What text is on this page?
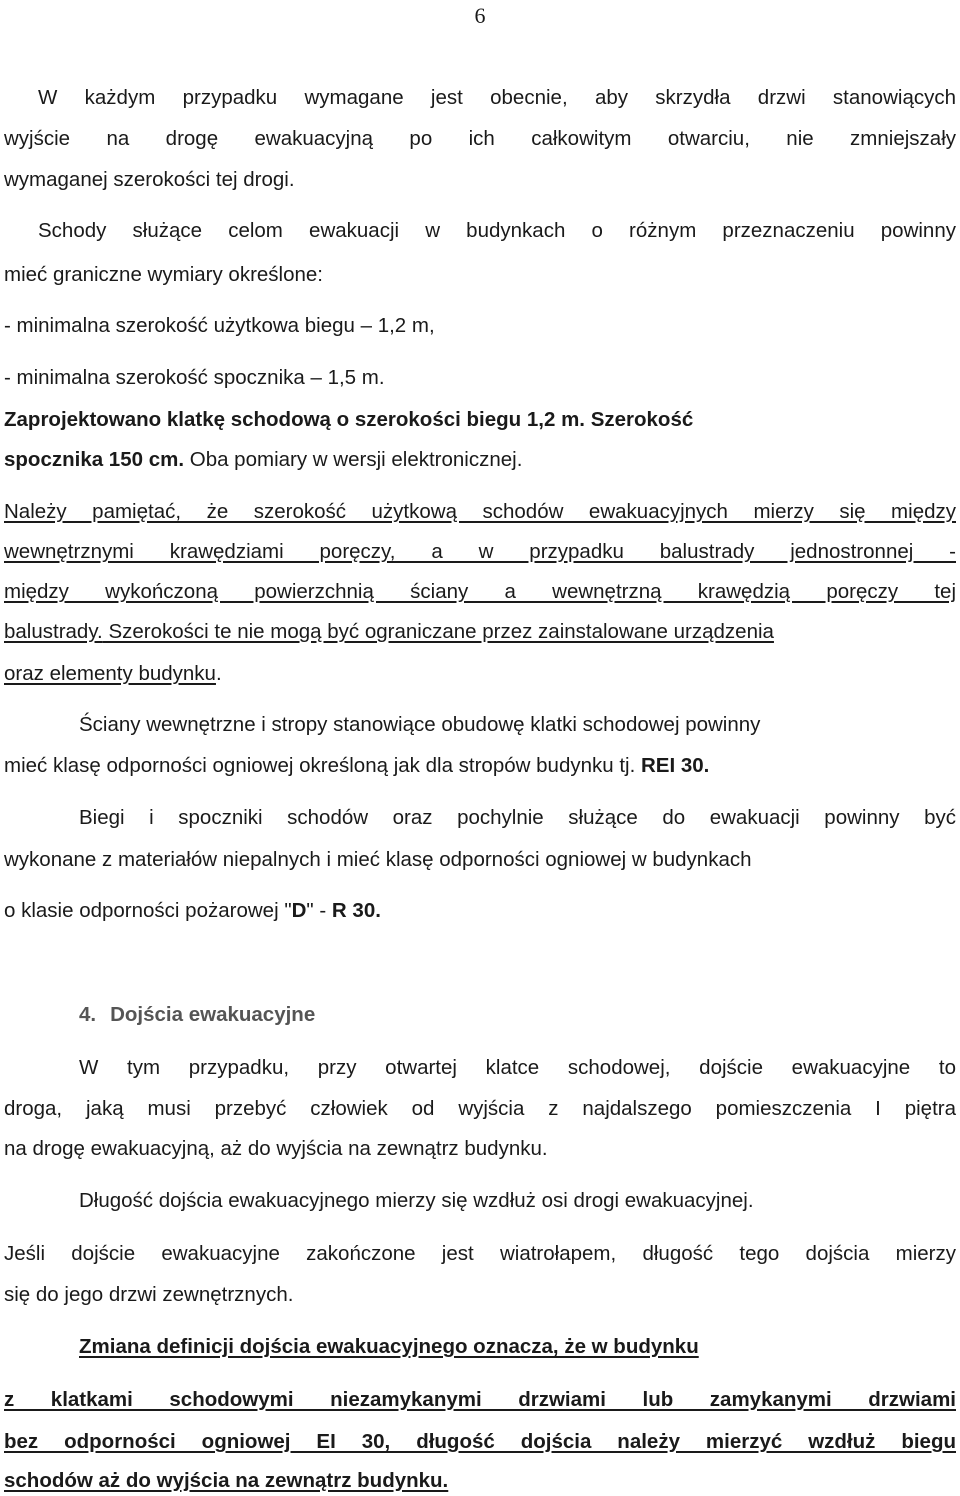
6
W każdym przypadku wymagane jest obecnie, aby skrzydła drzwi stanowiących
wyjście na drogę ewakuacyjną po ich całkowitym otwarciu, nie zmniejszały
wymaganej szerokości tej drogi.
Schody służące celom ewakuacji w budynkach o różnym przeznaczeniu powinny
mieć graniczne wymiary określone:
- minimalna szerokość użytkowa biegu – 1,2 m,
- minimalna szerokość spocznika – 1,5 m.
Zaprojektowano klatkę schodową o szerokości biegu 1,2 m. Szerokość
spocznika 150 cm. Oba pomiary w wersji elektronicznej.
Należy pamiętać, że szerokość użytkową schodów ewakuacyjnych mierzy się między
wewnętrznymi krawędziami poręczy, a w przypadku balustrady jednostronnej -
między wykończoną powierzchnią ściany a wewnętrzną krawędzią poręczy tej
balustrady. Szerokości te nie mogą być ograniczane przez zainstalowane urządzenia
oraz elementy budynku.
Ściany wewnętrzne i stropy stanowiące obudowę klatki schodowej powinny
mieć klasę odporności ogniowej określoną jak dla stropów budynku tj. REI 30.
Biegi i spoczniki schodów oraz pochylnie służące do ewakuacji powinny być
wykonane z materiałów niepalnych i mieć klasę odporności ogniowej w budynkach
o klasie odporności pożarowej "D" - R 30.
4. Dojścia ewakuacyjne
W tym przypadku, przy otwartej klatce schodowej, dojście ewakuacyjne to
droga, jaką musi przebyć człowiek od wyjścia z najdalszego pomieszczenia I piętra
na drogę ewakuacyjną, aż do wyjścia na zewnątrz budynku.
Długość dojścia ewakuacyjnego mierzy się wzdłuż osi drogi ewakuacyjnej.
Jeśli dojście ewakuacyjne zakończone jest wiatrołapem, długość tego dojścia mierzy
się do jego drzwi zewnętrznych.
Zmiana definicji dojścia ewakuacyjnego oznacza, że w budynku
z klatkami schodowymi niezamykanymi drzwiami lub zamykanymi drzwiami
bez odporności ogniowej EI 30, długość dojścia należy mierzyć wzdłuż biegu
schodów aż do wyjścia na zewnątrz budynku.
